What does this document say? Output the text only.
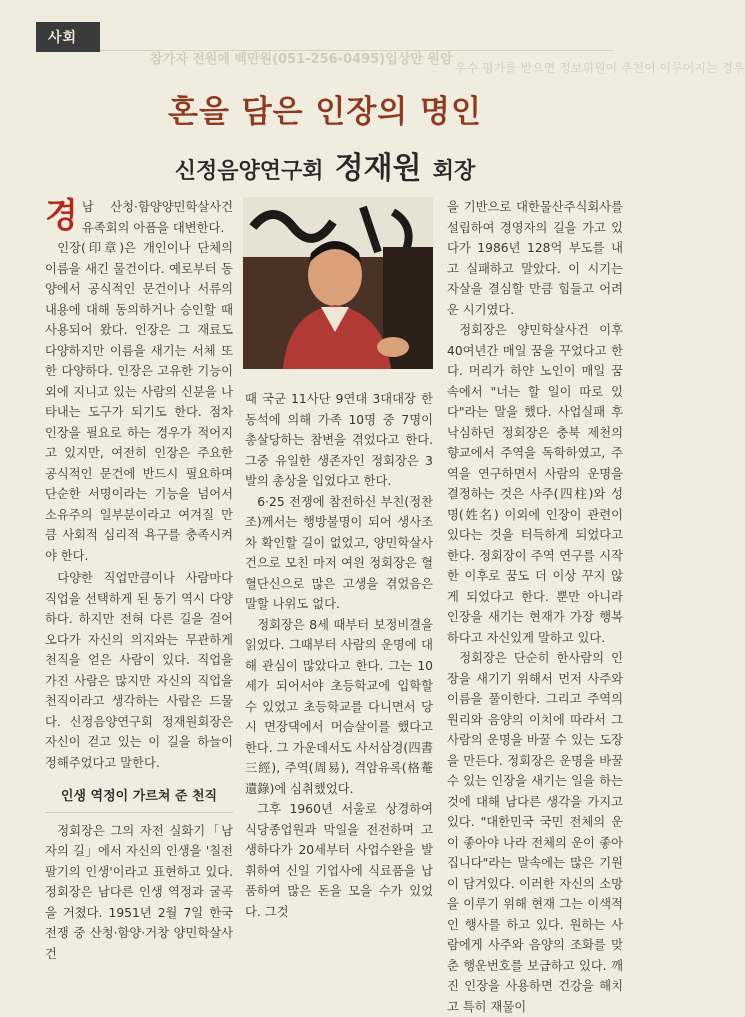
사회
참가자 전원에 백만원(051-256-0495)입상만 원암
우수 평가를 받으면 정보위원이 추천이 이루어지는 경우
혼을 담은 인장의 명인
신정음양연구회 정재원 회장

경 남 산청·함양양민학살사건 유족회의 아픔을 대변한다.

인장(印章)은 개인이나 단체의 이름을 새긴 물건이다. 예로부터 동양에서 공식적인 문건이나 서류의 내용에 대해 동의하거나 승인할 때 사용되어 왔다. 인장은 그 재료도 다양하지만 이름을 새기는 서체 또한 다양하다. 인장은 고유한 기능이외에 지니고 있는 사람의 신분을 나타내는 도구가 되기도 한다. 점차 인장을 필요로 하는 경우가 적어지고 있지만, 여전히 인장은 주요한 공식적인 문건에 반드시 필요하며 단순한 서명이라는 기능을 넘어서 소유주의 일부분이라고 여겨질 만큼 사회적 심리적 욕구를 충족시켜야 한다.

다양한 직업만큼이나 사람마다 직업을 선택하게 된 동기 역시 다양하다. 하지만 전혀 다른 길을 걸어오다가 자신의 의지와는 무관하게 천직을 얻은 사람이 있다. 직업을 가진 사람은 많지만 자신의 직업을 천직이라고 생각하는 사람은 드물다. 신정음양연구회 정재원회장은 자신이 걷고 있는 이 길을 하늘이 정해주었다고 말한다.

인생 역정이 가르쳐 준 천직

정회장은 그의 자전 실화기「남자의 길」에서 자신의 인생을 '칠전팔기의 인생'이라고 표현하고 있다. 정회장은 남다른 인생 역정과 굴곡을 거쳤다. 1951년 2월 7일 한국전쟁 중 산청·함양·거창 양민학살사건

때 국군 11사단 9연대 3대대장 한동석에 의해 가족 10명 중 7명이 총살당하는 참변을 겪었다고 한다. 그중 유일한 생존자인 정회장은 3발의 총상을 입었다고 한다.

6·25 전쟁에 참전하신 부친(정찬조)께서는 행방불명이 되어 생사조차 확인할 길이 없었고, 양민학살사건으로 모친 마저 여읜 정회장은 혈혈단신으로 많은 고생을 겪었음은 말할 나위도 없다.

정회장은 8세 때부터 보정비결을 읽었다. 그때부터 사람의 운명에 대해 관심이 많았다고 한다. 그는 10세가 되어서야 초등학교에 입학할 수 있었고 초등학교를 다니면서 당시 면장댁에서 머슴살이를 했다고 한다. 그 가운데서도 사서삼경(四書三經), 주역(周易), 격암유록(格菴遺錄)에 심취했었다.

그후 1960년 서울로 상경하여 식당종업원과 막일을 전전하며 고생하다가 20세부터 사업수완을 발휘하여 신일 기업사에 식료품을 납품하여 많은 돈을 모을 수가 있었다. 그것

을 기반으로 대한물산주식회사를 설립하여 경영자의 길을 가고 있다가 1986년 128억 부도를 내고 실패하고 말았다. 이 시기는 자살을 결심할 만큼 힘들고 어려운 시기였다.

정회장은 양민학살사건 이후 40여년간 매일 꿈을 꾸었다고 한다. 머리가 하얀 노인이 매일 꿈속에서 "너는 할 일이 따로 있다"라는 말을 했다. 사업실패 후 낙심하던 정회장은 충북 제천의 향교에서 주역을 독학하였고, 주역을 연구하면서 사람의 운명을 결정하는 것은 사주(四柱)와 성명(姓名) 이외에 인장이 관련이 있다는 것을 터득하게 되었다고 한다. 정회장이 주역 연구를 시작한 이후로 꿈도 더 이상 꾸지 않게 되었다고 한다. 뿐만 아니라 인장을 새기는 현재가 가장 행복하다고 자신있게 말하고 있다.

정회장은 단순히 한사람의 인장을 새기기 위해서 먼저 사주와 이름을 풀이한다. 그리고 주역의 원리와 음양의 이치에 따라서 그 사람의 운명을 바꿀 수 있는 도장을 만든다. 정회장은 운명을 바꿀 수 있는 인장을 새기는 일을 하는 것에 대해 남다른 생각을 가지고 있다. "대한민국 국민 전체의 운이 좋아야 나라 전체의 운이 좋아집니다"라는 말속에는 많은 기원이 담겨있다. 이러한 자신의 소망을 이루기 위해 현재 그는 이색적인 행사를 하고 있다. 원하는 사람에게 사주와 음양의 조화를 맞춘 행운번호를 보급하고 있다. 깨진 인장을 사용하면 건강을 해치고 특히 재물이
